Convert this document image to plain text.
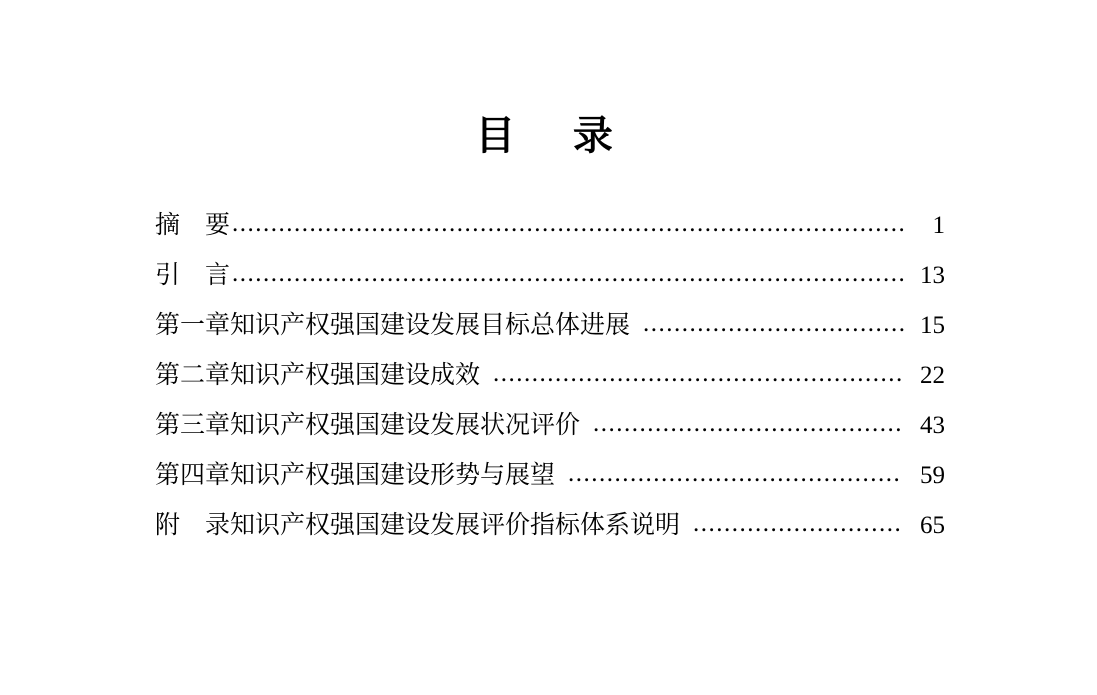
目　录
摘　要 .......................................................................................	1
引　言 ....................................................................................... 13
第一章 知识产权强国建设发展目标总体进展 .................................. 15
第二章 知识产权强国建设成效 ..................................................... 22
第三章 知识产权强国建设发展状况评价 ........................................ 43
第四章 知识产权强国建设形势与展望 ........................................... 59
附　录 知识产权强国建设发展评价指标体系说明 ........................... 65
